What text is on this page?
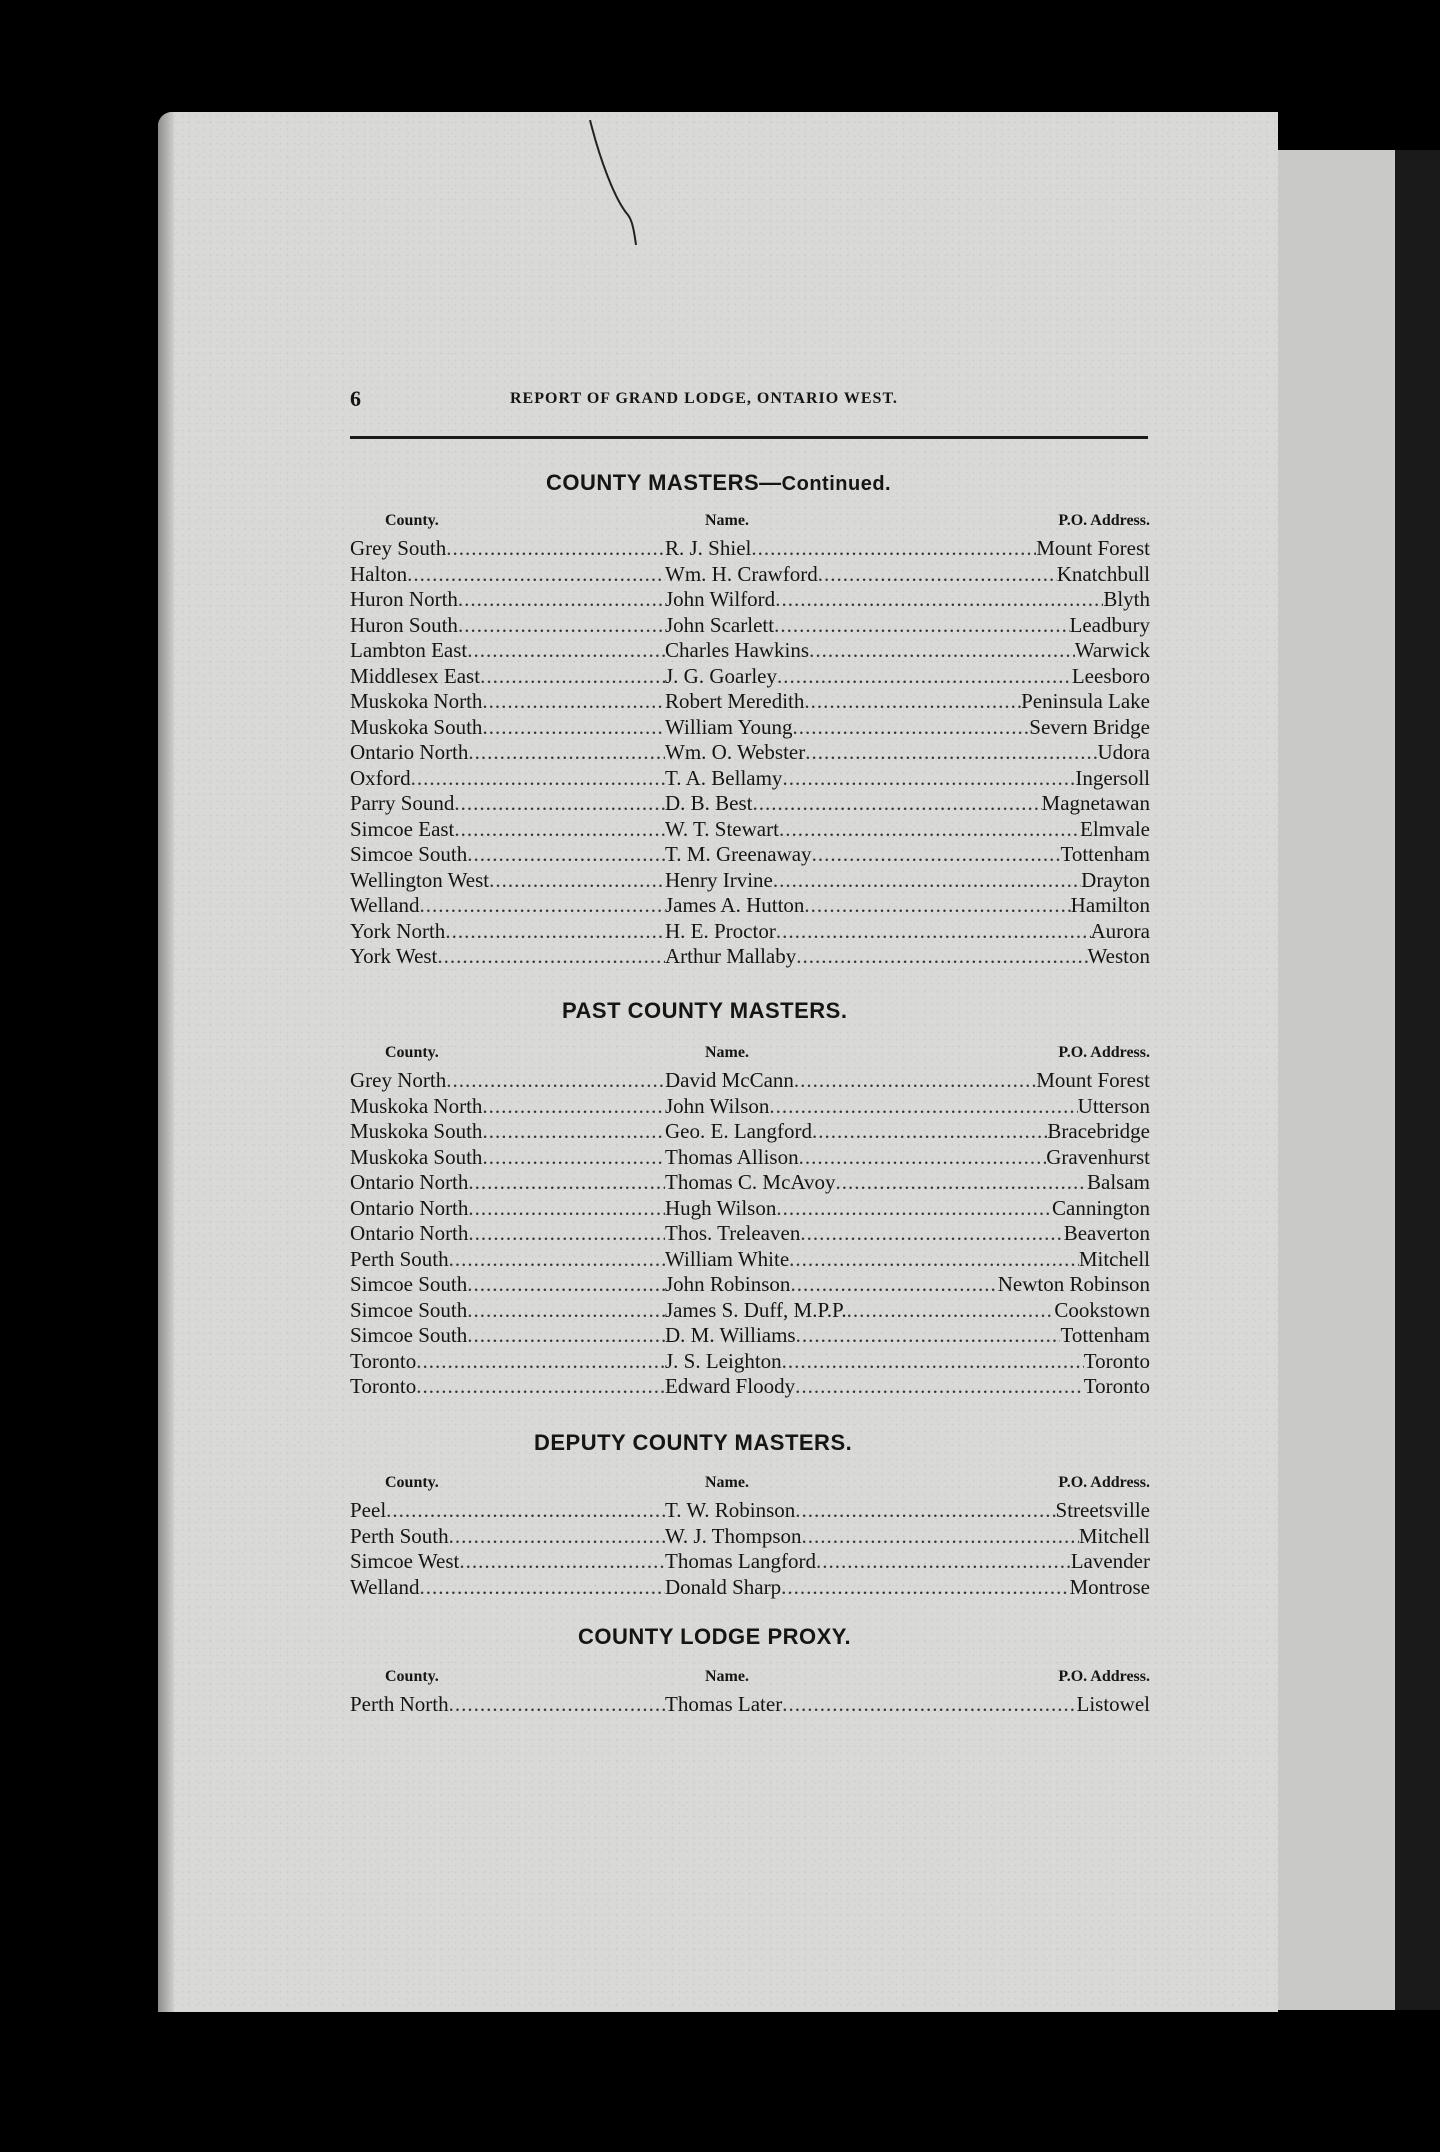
6	REPORT OF GRAND LODGE, ONTARIO WEST.
COUNTY MASTERS—Continued.
County.	Name.	P.O. Address.
Grey South .....	R. J. Shiel .....	Mount Forest
Halton .....	Wm. H. Crawford .....	Knatchbull
Huron North .....	John Wilford .....	Blyth
Huron South .....	John Scarlett .....	Leadbury
Lambton East .....	Charles Hawkins .....	Warwick
Middlesex East .....	J. G. Goarley .....	Leesboro
Muskoka North .....	Robert Meredith .....	Peninsula Lake
Muskoka South .....	William Young .....	Severn Bridge
Ontario North .....	Wm. O. Webster .....	Udora
Oxford .....	T. A. Bellamy .....	Ingersoll
Parry Sound .....	D. B. Best .....	Magnetawan
Simcoe East .....	W. T. Stewart .....	Elmvale
Simcoe South .....	T. M. Greenaway .....	Tottenham
Wellington West .....	Henry Irvine .....	Drayton
Welland .....	James A. Hutton .....	Hamilton
York North .....	H. E. Proctor .....	Aurora
York West .....	Arthur Mallaby .....	Weston
PAST COUNTY MASTERS.
County.	Name.	P.O. Address.
Grey North .....	David McCann .....	Mount Forest
Muskoka North .....	John Wilson .....	Utterson
Muskoka South .....	Geo. E. Langford .....	Bracebridge
Muskoka South .....	Thomas Allison .....	Gravenhurst
Ontario North .....	Thomas C. McAvoy .....	Balsam
Ontario North .....	Hugh Wilson .....	Cannington
Ontario North .....	Thos. Treleaven .....	Beaverton
Perth South .....	William White .....	Mitchell
Simcoe South .....	John Robinson .....	Newton Robinson
Simcoe South .....	James S. Duff, M.P.P. .....	Cookstown
Simcoe South .....	D. M. Williams .....	Tottenham
Toronto .....	J. S. Leighton .....	Toronto
Toronto .....	Edward Floody .....	Toronto
DEPUTY COUNTY MASTERS.
County.	Name.	P.O. Address.
Peel .....	T. W. Robinson .....	Streetsville
Perth South .....	W. J. Thompson .....	Mitchell
Simcoe West .....	Thomas Langford .....	Lavender
Welland .....	Donald Sharp .....	Montrose
COUNTY LODGE PROXY.
County.	Name.	P.O. Address.
Perth North .....	Thomas Later .....	Listowel
